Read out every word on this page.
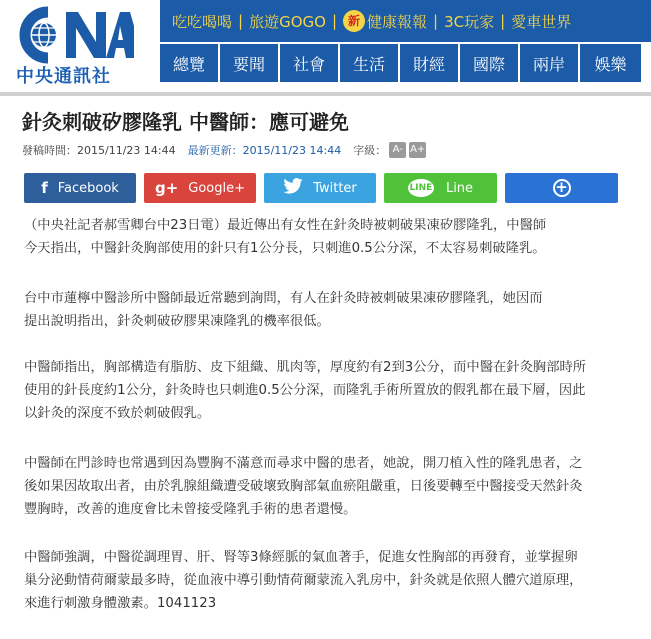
中央通訊社
吃吃喝喝 | 旅遊GOGO | 新 健康報報 | 3C玩家 | 愛車世界
總覽	要聞	社會	生活	財經	國際	兩岸	娛樂
針灸刺破矽膠隆乳 中醫師：應可避免
發稿時間：2015/11/23 14:44 最新更新：2015/11/23 14:44 字級： A- A+
f Facebook g+ Google+	Twitter	LINE Line	+
（中央社記者郝雪卿台中23日電）最近傳出有女性在針灸時被刺破果凍矽膠隆乳，中醫師
今天指出，中醫針灸胸部使用的針只有1公分長，只刺進0.5公分深，不太容易刺破隆乳。
台中市蓮檸中醫診所中醫師最近常聽到詢問，有人在針灸時被刺破果凍矽膠隆乳，她因而
提出說明指出，針灸刺破矽膠果凍隆乳的機率很低。
中醫師指出，胸部構造有脂肪、皮下組織、肌肉等，厚度約有2到3公分，而中醫在針灸胸部時所
使用的針長度約1公分，針灸時也只刺進0.5公分深，而隆乳手術所置放的假乳都在最下層，因此
以針灸的深度不致於刺破假乳。
中醫師在門診時也常遇到因為豐胸不滿意而尋求中醫的患者，她說，開刀植入性的隆乳患者，之
後如果因故取出者，由於乳腺組織遭受破壞致胸部氣血瘀阻嚴重，日後要轉至中醫接受天然針灸
豐胸時，改善的進度會比未曾接受隆乳手術的患者還慢。
中醫師強調，中醫從調理胃、肝、腎等3條經脈的氣血著手，促進女性胸部的再發育，並掌握卵
巢分泌動情荷爾蒙最多時，從血液中導引動情荷爾蒙流入乳房中，針灸就是依照人體穴道原理，
來進行刺激身體激素。1041123
